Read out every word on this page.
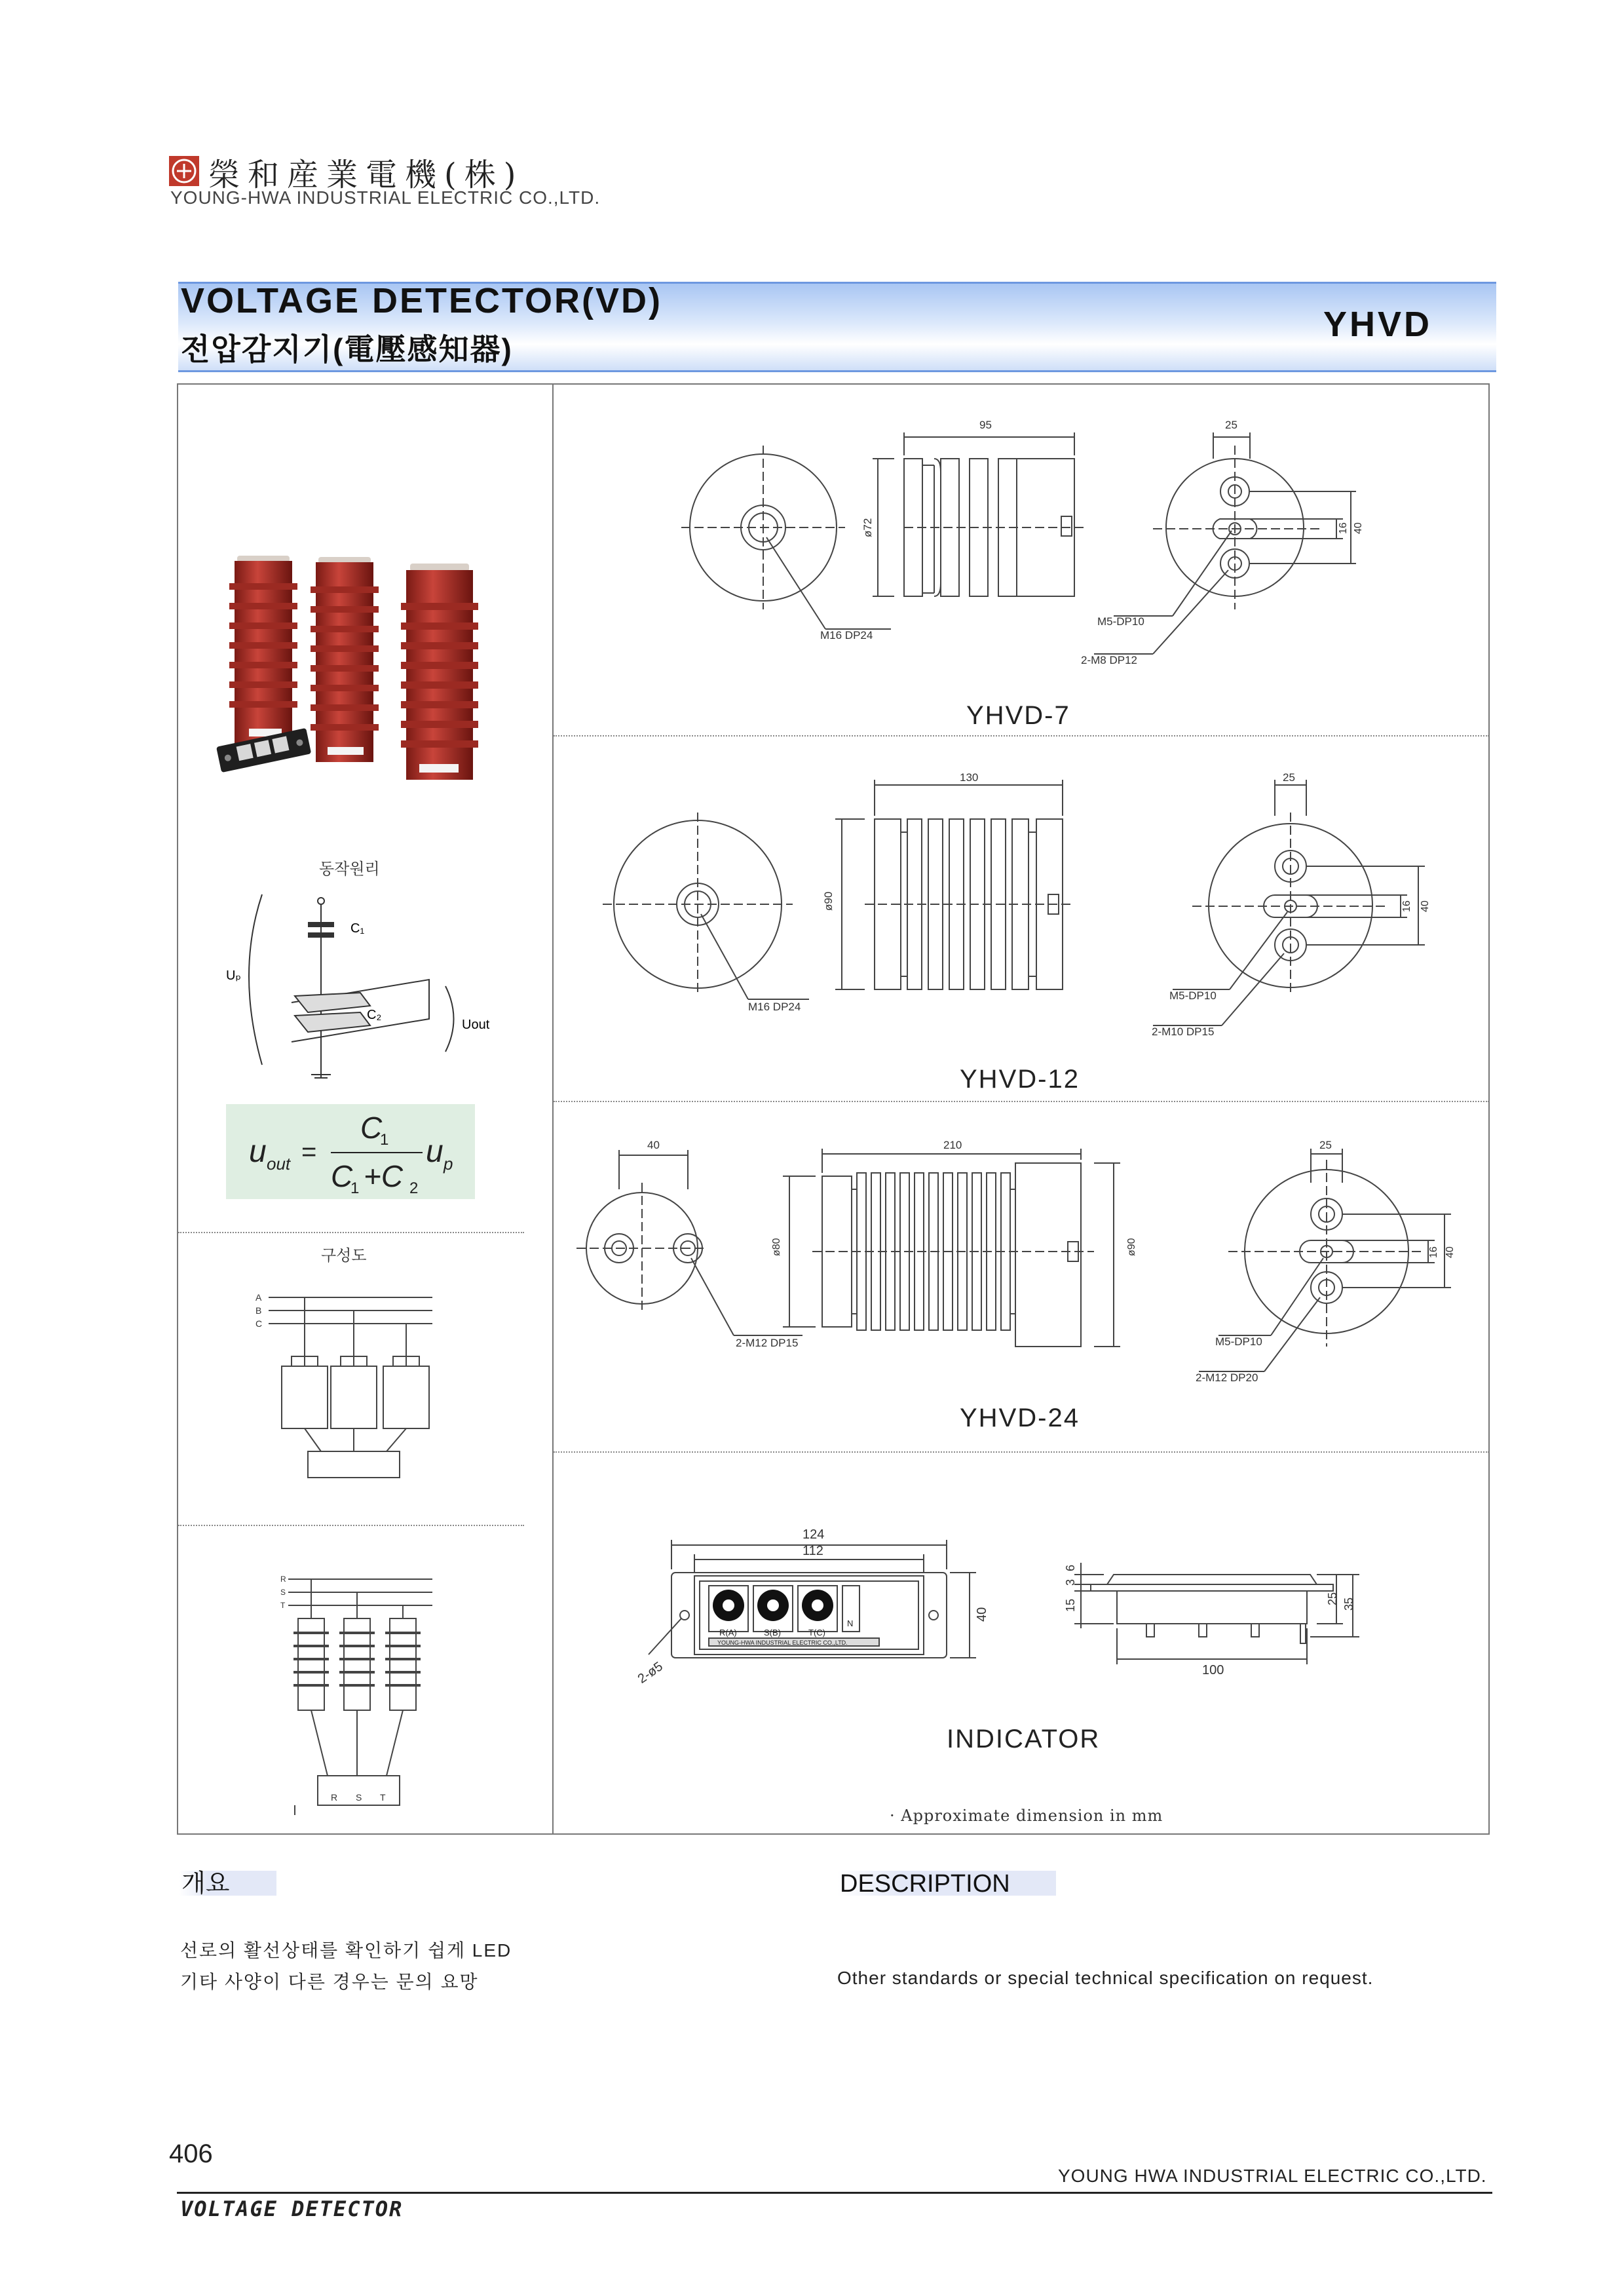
榮和産業電機(株)
YOUNG-HWA INDUSTRIAL ELECTRIC CO.,LTD.
VOLTAGE DETECTOR(VD)
전압감지기(電壓感知器)
YHVD
동작원리
C₁
C₂
Uₚ
Uout
u out =
C
1
C
1 +C 2
u p
구성도
A
B
C
R
S
T
R S T
95	25
ø72	16 40
M16 DP24
M5-DP10
2-M8 DP12
YHVD-7
130	25
ø90	16 40
M16 DP24
M5-DP10
2-M10 DP15
YHVD-12
40	210	25
ø80	ø90	16 40
2-M12 DP15	M5-DP10
2-M12 DP20
YHVD-24
R(A)	S(B)	T(C)
N
YOUNG-HWA INDUSTRIAL ELECTRIC CO.,LTD.
124
112
40
2-ø5
6
3
15	25 35
100
INDICATOR
· Approximate dimension in mm
개요	DESCRIPTION
선로의 활선상태를 확인하기 쉽게 LED
기타 사양이 다른 경우는 문의 요망	Other standards or special technical specification on request.
406
YOUNG HWA INDUSTRIAL ELECTRIC CO.,LTD.
VOLTAGE DETECTOR
